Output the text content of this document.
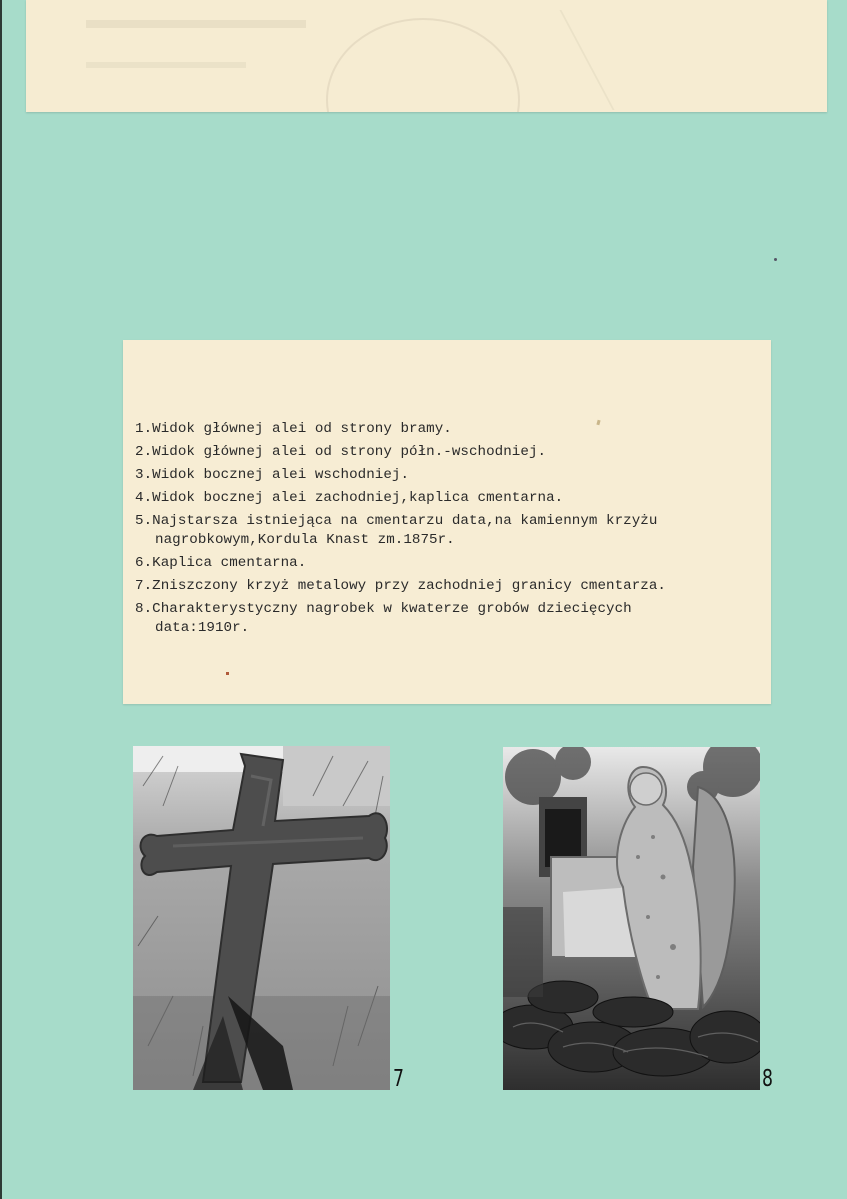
1.Widok głównej alei od strony bramy.
2.Widok głównej alei od strony półn.-wschodniej.
3.Widok bocznej alei wschodniej.
4.Widok bocznej alei zachodniej,kaplica cmentarna.
5.Najstarsza istniejąca na cmentarzu data,na kamiennym krzyżu
nagrobkowym,Kordula Knast zm.1875r.
6.Kaplica cmentarna.
7.Zniszczony krzyż metalowy przy zachodniej granicy cmentarza.
8.Charakterystyczny nagrobek w kwaterze grobów dziecięcych
data:1910r.
7	8
